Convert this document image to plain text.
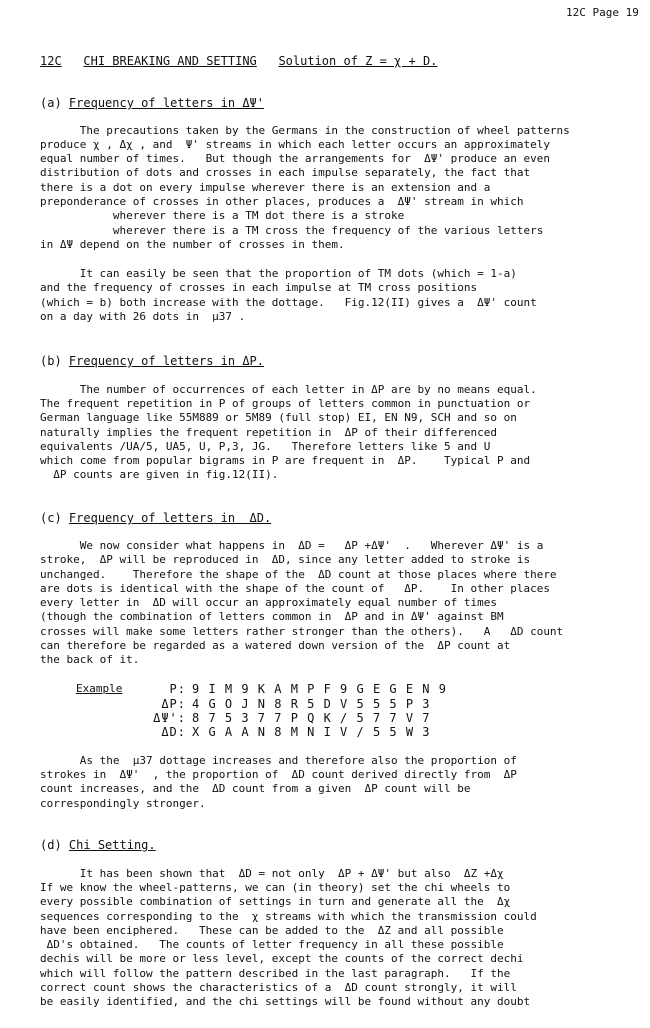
12C Page 19
12C CHI BREAKING AND SETTING Solution of Z = χ + D.
(a) Frequency of letters in ΔΨ'
The precautions taken by the Germans in the construction of wheel patterns
produce χ , Δχ , and  Ψ' streams in which each letter occurs an approximately
equal number of times.   But though the arrangements for  ΔΨ' produce an even
distribution of dots and crosses in each impulse separately, the fact that
there is a dot on every impulse wherever there is an extension and a
preponderance of crosses in other places, produces a  ΔΨ' stream in which
wherever there is a TM dot there is a stroke
wherever there is a TM cross the frequency of the various letters
in ΔΨ depend on the number of crosses in them.
It can easily be seen that the proportion of TM dots (which = 1-a)
and the frequency of crosses in each impulse at TM cross positions
(which = b) both increase with the dottage.   Fig.12(II) gives a  ΔΨ' count
on a day with 26 dots in  μ37 .
(b) Frequency of letters in ΔP.
The number of occurrences of each letter in ΔP are by no means equal.
The frequent repetition in P of groups of letters common in punctuation or
German language like 55M889 or 5M89 (full stop) EI, EN N9, SCH and so on
naturally implies the frequent repetition in  ΔP of their differenced
equivalents /UA/5, UA5, U, P,3, JG.   Therefore letters like 5 and U
which come from popular bigrams in P are frequent in  ΔP.    Typical P and
ΔP counts are given in fig.12(II).
(c) Frequency of letters in  ΔD.
We now consider what happens in  ΔD =   ΔP +ΔΨ'  .   Wherever ΔΨ' is a
stroke,  ΔP will be reproduced in  ΔD, since any letter added to stroke is
unchanged.    Therefore the shape of the  ΔD count at those places where there
are dots is identical with the shape of the count of   ΔP.    In other places
every letter in  ΔD will occur an approximately equal number of times
(though the combination of letters common in  ΔP and in ΔΨ' against BM
crosses will make some letters rather stronger than the others).   A   ΔD count
can therefore be regarded as a watered down version of the  ΔP count at
the back of it.
Example	P: 9 I M 9 K A M P F 9 G E G E N 9
ΔP: 4 G O J N 8 R 5 D V 5 5 5 P 3
ΔΨ': 8 7 5 3 7 7 P Q K / 5 7 7 V 7
ΔD: X G A A N 8 M N I V / 5 5 W 3
As the  μ37 dottage increases and therefore also the proportion of
strokes in  ΔΨ'  , the proportion of  ΔD count derived directly from  ΔP
count increases, and the  ΔD count from a given  ΔP count will be
correspondingly stronger.
(d) Chi Setting.
It has been shown that  ΔD = not only  ΔP + ΔΨ' but also  ΔZ +Δχ
If we know the wheel-patterns, we can (in theory) set the chi wheels to
every possible combination of settings in turn and generate all the  Δχ
sequences corresponding to the  χ streams with which the transmission could
have been enciphered.   These can be added to the  ΔZ and all possible
ΔD's obtained.   The counts of letter frequency in all these possible
dechis will be more or less level, except the counts of the correct dechi
which will follow the pattern described in the last paragraph.   If the
correct count shows the characteristics of a  ΔD count strongly, it will
be easily identified, and the chi settings will be found without any doubt
